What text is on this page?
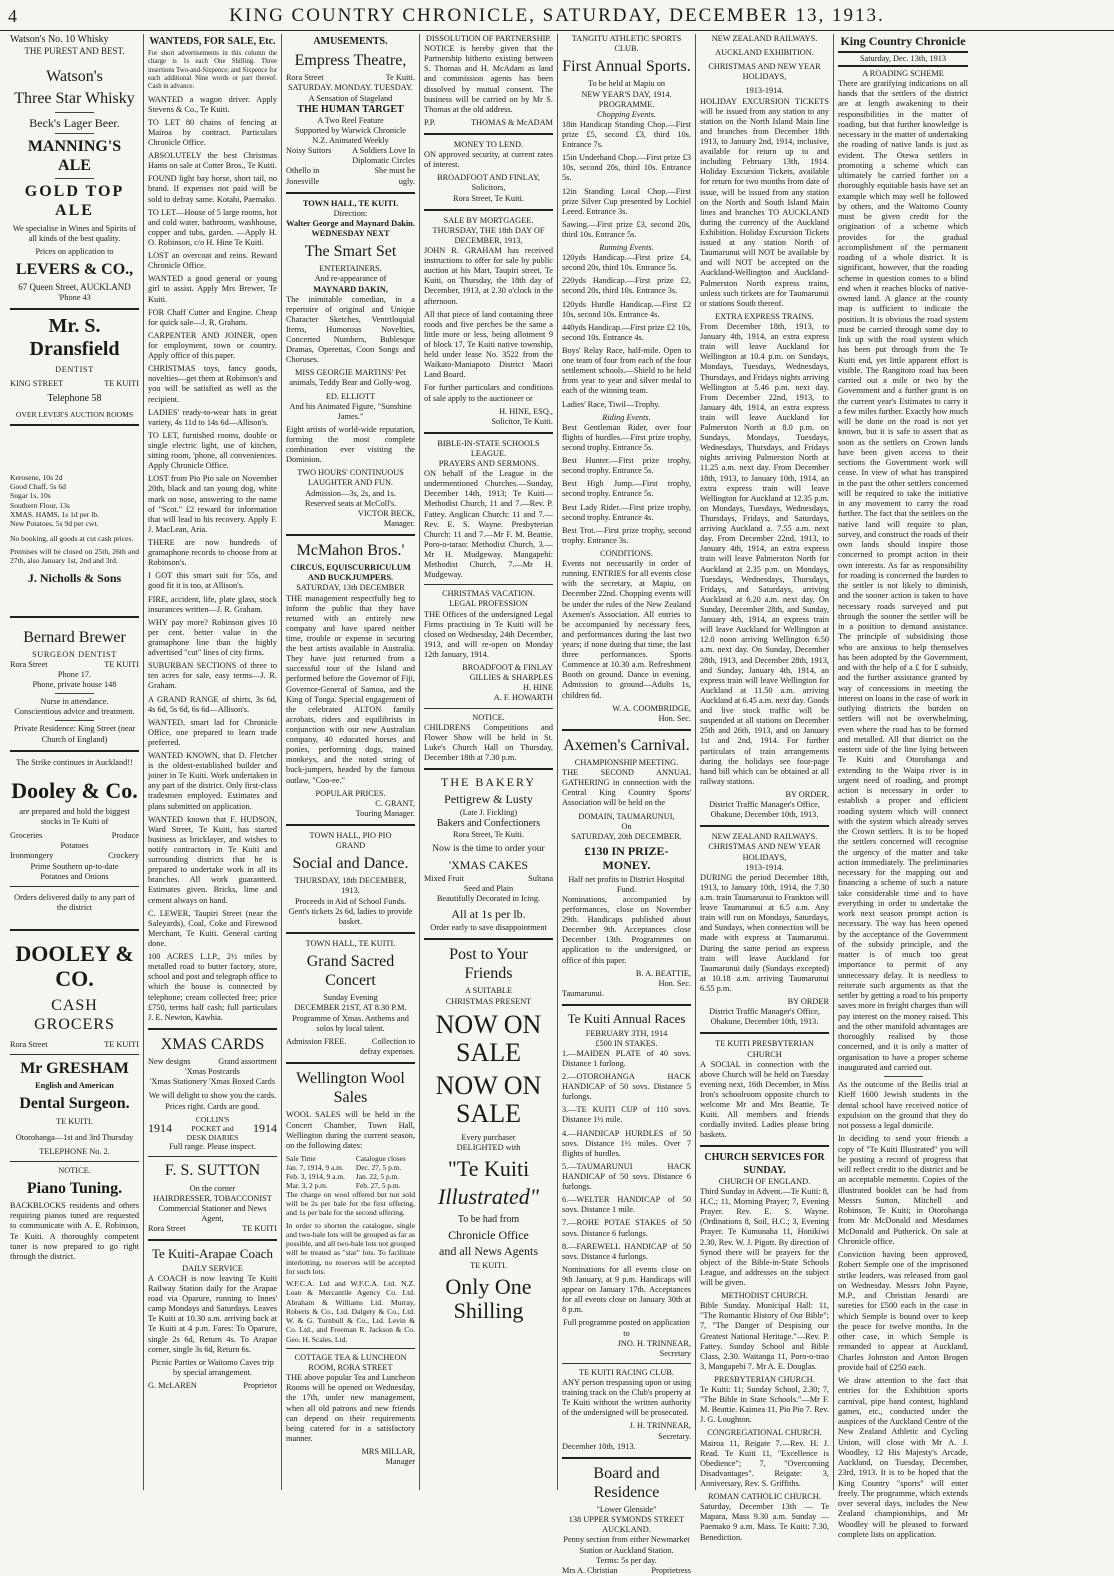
4	KING COUNTRY CHRONICLE, SATURDAY, DECEMBER 13, 1913.
Watson's No. 10 Whisky
THE PUREST AND BEST.
Watson's
Three Star Whisky
Beck's Lager Beer.
MANNING'S ALE
GOLD TOP ALE

We specialise in Wines and Spirits of all kinds of the best quality.

Prices on application to
LEVERS & CO.,
67 Queen Street, AUCKLAND
'Phone 43
Mr. S. Dransfield
DENTIST
KING STREET	TE KUITI
Telephone 58
OVER LEVER'S AUCTION ROOMS
Kerosene, 10s 2d
Good Chaff, 5s 6d
Sugar 1s, 10s
Southern Flour, 13s
XMAS. HAMS, 1s 1d per lb.
New Potatoes, 5s 9d per cwt.

No booking, all goods at cut cash prices.

Premises will be closed on 25th, 26th and 27th, also January 1st, 2nd and 3rd.

J. Nicholls & Sons
Bernard Brewer
SURGEON DENTIST
Rora Street	TE KUITI
Phone 17.
Phone, private house 148
Nurse in attendance.
Conscientious advice and treatment.
Private Residence: King Street (near Church of England)
The Strike continues in Auckland!!
Dooley & Co.
are prepared and hold the biggest stocks in Te Kuiti of
Groceries	Produce
Potatoes
Ironmongery	Crockery
Prime Southern up-to-date
Potatoes and Onions
Orders delivered daily to any part of the district
DOOLEY & CO.
CASH GROCERS
Rora Street	TE KUITI
Mr GRESHAM
English and American
Dental Surgeon.
TE KUITI.
Otorohanga—1st and 3rd Thursday
TELEPHONE No. 2.
NOTICE.
Piano Tuning.

BACKBLOCKS residents and others requiring pianos tuned are requested to communicate with A. E. Robinson, Te Kuiti. A thoroughly competent tuner is now prepared to go right through the district.

WANTEDS, FOR SALE, Etc.

For short advertisements in this column the charge is 1s each One Shilling. Three insertions Two-and-Sixpence; and Sixpence for each additional Nine words or part thereof. Cash in advance.

WANTED a wagon driver. Apply Stevens & Co., Te Kuiti.

TO LET 80 chains of fencing at Mairoa by contract. Particulars Chronicle Office.

ABSOLUTELY the best Christmas Hams on sale at Cotter Bros., Te Kuiti.

FOUND light bay horse, short tail, no brand. If expenses not paid will be sold to defray same. Kotahi, Paemako.

TO LET—House of 5 large rooms, hot and cold water, bathroom, washhouse, copper and tubs, garden. —Apply H. O. Robinson, c/o H. Hine Te Kuiti.

LOST an overcoat and reins. Reward Chronicle Office.

WANTED a good general or young girl to assist. Apply Mrs Brewer, Te Kuiti.

FOR Chaff Cutter and Engine. Cheap for quick sale—J. R. Graham.

CARPENTER AND JOINER, open for employment, town or country. Apply office of this paper.

CHRISTMAS toys, fancy goods, novelties—get them at Robinson's and you will be satisfied as well as the recipient.

LADIES' ready-to-wear hats in great variety, 4s 11d to 14s 6d—Allison's.

TO LET, furnished rooms, double or single electric light, use of kitchen, sitting room, 'phone, all conveniences. Apply Chronicle Office.

LOST from Pio Pio sale on November 20th, black and tan young dog, white mark on nose, answering to the name of "Scot." £2 reward for information that will lead to his recovery. Apply F. J. MacLean, Aria.

THERE are now hundreds of gramaphone records to choose from at Robinson's.

I GOT this smart suit for 55s, and good fit it is too, at Allison's.

FIRE, accident, life, plate glass, stock insurances written—J. R. Graham.

WHY pay more? Robinson gives 10 per cent. better value in the gramaphone line than the highly advertised "cut" lines of city firms.

SUBURBAN SECTIONS of three to ten acres for sale, easy terms—J. R. Graham.

A GRAND RANGE of shirts, 3s 6d, 4s 6d, 5s 6d, 6s 6d—Allison's.

WANTED, smart lad for Chronicle Office, one prepared to learn trade preferred.

WANTED KNOWN, that D. Fletcher is the oldest-established builder and joiner in Te Kuiti. Work undertaken in any part of the district. Only first-class tradesmen employed. Estimates and plans submitted on application.

WANTED known that F. HUDSON, Ward Street, Te Kuiti, has started business as bricklayer, and wishes to notify contractors in Te Kuiti and surrounding districts that he is prepared to undertake work in all its branches. All work guaranteed. Estimates given. Bricks, lime and cement always on hand.

C. LEWER, Taupiri Street (near the Saleyards), Coal, Coke and Firewood Merchant, Te Kuiti. General carting done.

100 ACRES L.I.P., 2½ miles by metalled road to butter factory, store, school and post and telegraph office to which the house is connected by telephone; cream collected free; price £750, terms half cash; full particulars J. E. Newton, Kawhia.

XMAS CARDS
New designs	Grand assortment
'Xmas Postcards
'Xmas Stationery 'Xmas Boxed Cards

We will delight to show you the cards. Prices right. Cards are good.

1914
COLLIN'S POCKET and DESK DIARIES
1914
Full range. Please inspect.
F. S. SUTTON
On the corner
HAIRDRESSER, TOBACCONIST
Commercial Stationer and News Agent,
Rora Street	TE KUITI
Te Kuiti-Arapae Coach
DAILY SERVICE

A COACH is now leaving Te Kuiti Railway Station daily for the Arapae road via Oparure, running to Innes' camp Mondays and Saturdays. Leaves Te Kuiti at 10.30 a.m. arriving back at Te Kuiti at 4 p.m. Fares: To Oparure, single 2s 6d, Return 4s. To Arapae corner, single 3s 6d, Return 6s.

Picnic Parties or Waitomo Caves trip by special arrangement.

G. McLAREN	Proprietor
AMUSEMENTS.
Empress Theatre,
Rora Street	Te Kuiti.
SATURDAY. MONDAY. TUESDAY.
A Sensation of Stageland
THE HUMAN TARGET
A Two Reel Feature
Supported by Warwick Chronicle
N.Z. Animated Weekly
Noisy Suitors	A Soldiers Love In Diplomatic Circles
Othello in Jonesville
She must be ugly.
TOWN HALL, TE KUITI.
Direction:
Walter George and Maynard Dakin.
WEDNESDAY NEXT
The Smart Set
ENTERTAINERS.
And re-appearance of
MAYNARD DAKIN,

The inimitable comedian, in a repertoire of original and Unique Character Sketches, Ventriloquial Items, Humorous Novelties, Concerted Numbers, Bublesque Dramas, Operettas, Coon Songs and Choruses.

MISS GEORGIE MARTINS' Pet animals, Teddy Bear and Golly-wog.

ED. ELLIOTT

And his Animated Figure, "Sunshine James."

Eight artists of world-wide reputation, forming the most complete combination ever visiting the Dominion.

TWO HOURS' CONTINUOUS LAUGHTER AND FUN.
Admission—3s, 2s, and 1s.
Reserved seats at McColl's.
VICTOR BECK,
Manager.
McMahon Bros.'
CIRCUS, EQUISCURRICULUM AND BUCKJUMPERS.
SATURDAY, 13th DECEMBER

THE management respectfully beg to inform the public that they have returned with an entirely new company and have spared neither time, trouble or expense in securing the best artists available in Australia. They have just returned from a successful tour of the Island and performed before the Governor of Fiji, Governor-General of Samoa, and the King of Tonga. Special engagement of the celebrated ALTON family acrobats, riders and equilibrists in conjunction with our new Australian company, 40 educated horses and ponies, performing dogs, trained monkeys, and the noted string of buck-jumpers, headed by the famous outlaw, "Coo-ee."

POPULAR PRICES.
C. GRANT,
Touring Manager.
TOWN HALL, PIO PIO
GRAND
Social and Dance.
THURSDAY, 18th DECEMBER, 1913.
Proceeds in Aid of School Funds.
Gent's tickets 2s 6d, ladies to provide basket.
TOWN HALL, TE KUITI.
Grand Sacred Concert
Sunday Evening
DECEMBER 21ST, AT 8.30 P.M.

Programme of Xmas. Anthems and solos by local talent.

Admission FREE.	Collection to defray expenses.
Wellington Wool Sales

WOOL SALES will be held in the Concert Chamber, Town Hall, Wellington during the current season, on the following dates:

Sale Time	Catalogue closes
Jan. 7, 1914, 9 a.m.	Dec. 27, 5 p.m.
Feb. 3, 1914, 9 a.m.	Jan. 22, 5 p.m.
Mar. 3, 2 p.m.	Feb. 27, 5 p.m.

The charge on wool offered but not sold will be 2s per bale for the first offering, and 1s per bale for the second offering.

In order to shorten the catalogue, single and two-bale lots will be grouped as far as possible, and all two-bale lots not grouped will be treated as "star" lots. To facilitate interlotting, no reserves will be accepted for such lots.

W.F.C.A. Ltd and W.F.C.A. Ltd. N.Z. Loan & Mercantile Agency Co. Ltd. Abraham & Williams Ltd. Murray, Roberts & Co., Ltd. Dalgety & Co., Ltd. W. & G. Turnbull & Co., Ltd. Levin & Co. Ltd., and Freeman R. Jackson & Co. Geo. H. Scales, Ltd.

COTTAGE TEA & LUNCHEON ROOM, RORA STREET

THE above popular Tea and Luncheon Rooms will be opened on Wednesday, the 17th, under new management, when all old patrons and new friends can depend on their requirements being catered for in a satisfactory manner.

MRS MILLAR,
Manager
DISSOLUTION OF PARTNERSHIP.

NOTICE is hereby given that the Partnership hitherto existing between S. Thomas and H. McAdam as land and commission agents has been dissolved by mutual consent. The business will be carried on by Mr S. Thomas at the old address.

P.P.	THOMAS & McADAM
MONEY TO LEND.

ON approved security, at current rates of interest.

BROADFOOT AND FINLAY,
Solicitors,
Rora Street, Te Kuiti.
SALE BY MORTGAGEE.
THURSDAY, THE 18th DAY OF DECEMBER, 1913,

JOHN R. GRAHAM has received instructions to offer for sale by public auction at his Mart, Taupiri street, Te Kuiti, on Thursday, the 18th day of December, 1913, at 2.30 o'clock in the afternoon.

All that piece of land containing three roods and five perches be the same a little more or less, being allotment 9 of block 17, Te Kuiti native township, held under lease No. 3522 from the Waikato-Maniapoto District Maori Land Board.

For further particulars and conditions of sale apply to the auctioneer or

H. HINE, ESQ.,
Solicitor, Te Kuiti.
BIBLE-IN-STATE SCHOOLS LEAGUE.
PRAYERS AND SERMONS.

ON behalf of the League in the undermentioned Churches.—Sunday, December 14th, 1913; Te Kuiti—Methodist Church, 11 and 7.—Rev. P. Fattey. Anglican Church: 11 and 7.—Rev. E. S. Wayne. Presbyterian Church: 11 and 7.—Mr F. M. Beattie. Poro-o-tarao: Methodist Church, 3.—Mr H. Mudgeway. Mangapehi: Methodist Church, 7.—Mr H. Mudgeway.

CHRISTMAS VACATION.
LEGAL PROFESSION

THE Offices of the undersigned Legal Firms practising in Te Kuiti will be closed on Wednesday, 24th December, 1913, and will re-open on Monday 12th January, 1914.

BROADFOOT & FINLAY
GILLIES & SHARPLES
H. HINE
A. F. HOWARTH
NOTICE.

CHILDRENS Competitions and Flower Show will be held in St. Luke's Church Hall on Thursday, December 18th at 7.30 p.m.

THE BAKERY
Pettigrew & Lusty
(Late J. Fickling)
Bakers and Confectioners
Rora Street, Te Kuiti.
Now is the time to order your
'XMAS CAKES
Mixed Fruit	Sultana
Seed and Plain
Beautifully Decorated in Icing.
All at 1s per lb.
Order early to save disappointment
Post to Your Friends
A SUITABLE
CHRISTMAS PRESENT
NOW ON SALE
NOW ON SALE
Every purchaser
DELIGHTED with
"Te Kuiti
Illustrated"
To be had from
Chronicle Office
and all News Agents
TE KUITI.
Only One Shilling
TANGITU ATHLETIC SPORTS CLUB.
First Annual Sports.
To be held at Mapiu on
NEW YEAR'S DAY, 1914.
PROGRAMME.
Chopping Events.

18in Handicap Standing Chop.—First prize £5, second £3, third 10s. Entrance 7s.

15in Underhand Chop.—First prize £3 10s, second 20s, third 10s. Entrance 5s.

12in Standing Local Chop.—First prize Silver Cup presented by Lochiel Leeed. Entrance 3s.

Sawing.—First prize £3, second 20s, third 10s. Entrance 5s.

Running Events.

120yds Handicap.—First prize £4, second 20s, third 10s. Entrance 5s.

220yds Handicap.—First prize £2, second 20s, third 10s. Entrance 3s.

120yds Hurdle Handicap.—First £2 10s, second 10s. Entrance 4s.

440yds Handicap.—First prize £2 10s, second 10s. Entrance 4s.

Boys' Relay Race, half-mile. Open to one team of four from each of the four settlement schools.—Shield to be held from year to year and silver medal to each of the winning team.

Ladies' Race, Tiwil—Trophy.

Riding Events.

Best Gentleman Rider, over four flights of hurdles.—First prize trophy, second trophy. Entrance 5s.

Best Hunter.—First prize trophy, second trophy. Entrance 5s.

Best High Jump.—First trophy, second trophy. Entrance 5s.

Best Lady Rider.—First prize trophy, second trophy. Entrance 4s.

Best Trot.—First prize trophy, second trophy. Entrance 3s.

CONDITIONS.

Events not necessarily in order of running. ENTRIES for all events close with the secretary, at Mapiu, on December 22nd. Chopping events will be under the rules of the New Zealand Axemen's Association. All entries to be accompanied by necessary fees, and performances during the last two years; if none during that time, the last three performances. Sports Commence at 10.30 a.m. Refreshment Booth on ground. Dance in evening. Admission to ground—Adults 1s, children 6d.

W. A. COOMBRIDGE,
Hon. Sec.
Axemen's Carnival.
CHAMPIONSHIP MEETING.

THE SECOND ANNUAL GATHERING in connection with the Central King Country Sports' Association will be held on the

DOMAIN, TAUMARUNUI,
On
SATURDAY, 20th DECEMBER.
£130 IN PRIZE-MONEY.
Half net profits to District Hospital Fund.

Nominations, accompanied by performances, close on November 29th. Handicaps published about December 9th. Acceptances close December 13th. Programmes on application to the undersigned, or office of this paper.

B. A. BEATTIE,
Hon. Sec.
Taumarunui.
Te Kuiti Annual Races
FEBRUARY 3TH, 1914
£500 IN STAKES.

1.—MAIDEN PLATE of 40 sovs. Distance 1 furlong.

2.—OTOROHANGA HACK HANDICAP of 50 sovs. Distance 5 furlongs.

3.—TE KUITI CUP of 110 sovs. Distance 1½ mile.

4.—HANDICAP HURDLES of 50 sovs. Distance 1½ miles. Over 7 flights of hurdles.

5.—TAUMARUNUI HACK HANDICAP of 50 sovs. Distance 6 furlongs.

6.—WELTER HANDICAP of 50 sovs. Distance 1 mile.

7.—ROHE POTAE STAKES of 50 sovs. Distance 6 furlongs.

8.—FAREWELL HANDICAP of 50 sovs. Distance 4 furlongs.

Nominations for all events close on 9th January, at 9 p.m. Handicaps will appear on January 17th. Acceptances for all events close on January 30th at 8 p.m.

Full programme posted on application to
JNO. H. TRINNEAR,
Secretary
TE KUITI RACING CLUB.

ANY person trespassing upon or using training track on the Club's property at Te Kuiti without the written authority of the undersigned will be prosecuted.

J. H. TRINNEAR,
Secretary.
December 10th, 1913.
Board and Residence
"Lower Glenside"
138 UPPER SYMONDS STREET AUCKLAND.
Penny section from either Newmarket Station or Auckland Station.
Terms: 5s per day.
Mrs A. Christian	Proprietress
NEW ZEALAND RAILWAYS.
AUCKLAND EXHIBITION.
CHRISTMAS AND NEW YEAR HOLIDAYS,
1913-1914.

HOLIDAY EXCURSION TICKETS will be issued from any station to any station on the North Island Main line and branches from December 18th 1913, to January 2nd, 1914, inclusive, available for return up to and including February 13th, 1914. Holiday Excursion Tickets, available for return for two months from date of issue, will be issued from any station on the North and South Island Main lines and branches TO AUCKLAND during the currency of the Auckland Exhibition. Holiday Excursion Tickets issued at any station North of Taumarunui will NOT be available by and will NOT be accepted on the Auckland-Wellington and Auckland-Palmerston North express trains, unless such tickets are for Taumarunui or stations South thereof.

EXTRA EXPRESS TRAINS.

From December 18th, 1913, to January 4th, 1914, an extra express train will leave Auckland for Wellington at 10.4 p.m. on Sundays, Mondays, Tuesdays, Wednesdays, Thursdays, and Fridays nights arriving Wellington at 5.46 p.m. next day. From December 22nd, 1913, to January 4th, 1914, an extra express train will leave Auckland for Palmerston North at 8.0 p.m. on Sundays, Mondays, Tuesdays, Wednesdays, Thursdays, and Fridays nights arriving Palmerston North at 11.25 a.m. next day. From December 18th, 1913, to January 10th, 1914, an extra express train will leave Wellington for Auckland at 12.35 p.m. on Mondays, Tuesdays, Wednesdays, Thursdays, Fridays, and Saturdays, arriving Auckland a. 7.55 a.m. next day. From December 22nd, 1913, to January 4th, 1914, an extra express train will leave Palmerston North for Auckland at 2.35 p.m. on Mondays, Tuesdays, Wednesdays, Thursdays, Fridays, and Saturdays, arriving Auckland at 6.20 a.m. next day. On Sunday, December 28th, and Sunday, January 4th, 1914, an express train will leave Auckland for Wellington at 12.0 noon arriving Wellington 6.50 a.m. next day. On Sunday, December 28th, 1913, and December 28th, 1913, and Sunday, January 4th, 1914, an express train will leave Wellington for Auckland at 11.50 a.m. arriving Auckland at 6.45 a.m. next day. Goods and live stock traffic will be suspended at all stations on December 25th and 26th, 1913, and on January 1st and 2nd, 1914. For further particulars of train arrangements during the holidays see four-page hand bill which can be obtained at all railway stations.

BY ORDER.
District Traffic Manager's Office, Ohakune, December 10th, 1913.
NEW ZEALAND RAILWAYS.
CHRISTMAS AND NEW YEAR HOLIDAYS,
1913-1914.

DURING the period December 18th, 1913, to January 10th, 1914, the 7.30 a.m. train Taumarunui to Frankton will leave Taumarunui at 6.5 a.m. Any train will run on Mondays, Saturdays, and Sundays, when connection will be made with express at Taumarunui. During the same period an express train will leave Auckland for Taumarunui daily (Sundays excepted) at 10.18 a.m. arriving Taumarunui 6.55 p.m.

BY ORDER
District Traffic Manager's Office, Ohakune, December 10th, 1913.
TE KUITI PRESBYTERIAN CHURCH

A SOCIAL in connection with the above Church will be held on Tuesday evening next, 16th December, in Miss Iron's schoolroom opposite church to welcome Mr and Mrs Beattie, Te Kuiti. All members and friends cordially invited. Ladies please bring baskets.

CHURCH SERVICES FOR SUNDAY.
CHURCH OF ENGLAND.

Third Sunday in Advent.—Te Kuiti: 8, H.C.; 11, Morning Prayer; 7, Evening Prayer. Rev. E. S. Wayne. (Ordinations 8, Soil, H.C.; 3, Evening Prayer. Te Kumunaha 11, Honikiwi 2.30, Rev. W. J. Pigott. By direction of Synod there will be prayers for the object of the Bible-in-State Schools League, and addresses on the subject will be given.

METHODIST CHURCH.

Bible Sunday. Municipal Hall: 11, "The Romantic History of Our Bible"; 7, "The Danger of Despising our Greatest National Heritage."—Rev. P. Fattey. Sunday School and Bible Class, 2.30. Waitanga 11, Poro-o-trao 3, Mangapehi 7. Mr A. E. Douglas.

PRESBYTERIAN CHURCH.

Te Kuiti: 11; Sunday School, 2.30; 7, "The Bible in State Schools."—Mr F. M. Beattie. Kaimea 11, Pio Pio 7. Rev. J. G. Loughton.

CONGREGATIONAL CHURCH.

Mairoa 11, Reigate 7.—Rev. H. J. Read. Te Kuiti 11, "Excellence is Obedience"; 7, "Overcoming Disadvantages". Reigate: 3, Anniversary, Rev. S. Griffiths.

ROMAN CATHOLIC CHURCH.

Saturday, December 13th — Te Mapara, Mass 9.30 a.m. Sunday — Paemako 9 a.m. Mass. Te Kuiti: 7.30, Benediction.

King Country Chronicle
Saturday, Dec. 13th, 1913
A ROADING SCHEME

There are gratifying indications on all hands that the settlers of the district are at length awakening to their responsibilities in the matter of roading, but that further knowledge is necessary in the matter of undertaking the roading of native lands is just as evident. The Otewa settlers in promoting a scheme which can ultimately be carried further on a thoroughly equitable basis have set an example which may well be followed by others, and the Waitomo County must be given credit for the origination of a scheme which provides for the gradual accomplishment of the permanent roading of a whole district. It is significant, however, that the roading scheme in question comes to a blind end when it reaches blocks of native-owned land. A glance at the county map is sufficient to indicate the position. It is obvious the road system must be carried through some day to link up with the road system which has been put through from the Te Kuiti end, yet little apparent effort is visible. The Rangitoto road has been carried out a mile or two by the Government and a further grant is on the current year's Estimates to carry it a few miles further. Exactly how much will be done on the road is not yet known, but it is safe to assert that as soon as the settlers on Crown lands have been given access to their sections the Government work will cease. In view of what has transpired in the past the other settlers concerned will be required to take the initiative in any movement to carry the road further. The fact that the settlers on the native land will require to plan, survey, and construct the roads of their own lands should inspire those concerned to prompt action in their own interests. As far as responsibility for roading is concerned the burden to the settler is not likely to diminish, and the sooner action is taken to have necessary roads surveyed and put through the sooner the settler will be in a position to demand assistance. The principle of subsidising those who are anxious to help themselves has been adopted by the Government, and with the help of a £ for £ subsidy, and the further assistance granted by way of concessions in meeting the interest on loans in the case of work in outlying districts the burden on settlers will not be overwhelming, even where the road has to be formed and metalled. All that district on the eastern side of the line lying between Te Kuiti and Otorohanga and extending to the Waipa river is in urgent need of roading, and prompt action is necessary in order to establish a proper and efficient roading system which will connect with the system which already serves the Crown settlers. It is to be hoped the settlers concerned will recognise the urgency of the matter and take action immediately. The preliminaries necessary for the mapping out and financing a scheme of such a nature take considerable time and to have everything in order to undertake the work next season prompt action is necessary. The way has been opened by the acceptance of the Government of the subsidy principle, and the matter is of much too great importance to permit of any unnecessary delay. It is needless to reiterate such arguments as that the settler by getting a road to his property saves more in freight charges than will pay interest on the money raised. This and the other manifold advantages are thoroughly realised by those concerned, and it is only a matter of organisation to have a proper scheme inaugurated and carried out.

As the outcome of the Beilis trial at Kieff 1600 Jewish students in the dental school have received notice of expulsion on the ground that they do not possess a legal domicile.

In deciding to send your friends a copy of "Te Kuiti Illustrated" you will be posting a record of progress that will reflect credit to the district and be an acceptable memento. Copies of the illustrated booklet can be had from Messrs Sutton, Mitchell and Robinson, Te Kuiti; in Otorohanga from Mr McDonald and Mesdames McDonald and Putherick. On sale at Chronicle office.

Conviction having been approved, Robert Semple one of the imprisoned strike leaders, was released from gaol on Wednesday. Messrs John Payne, M.P., and Christian Jenardi are sureties for £500 each in the case in which Semple is bound over to keep the peace for twelve months. In the other case, in which Semple is remanded to appear at Auckland, Charles Johnston and Anton Brogen provide bail of £250 each.

We draw attention to the fact that entries for the Exhibition sports carnival, pipe band contest, highland games, etc., conducted under the auspices of the Auckland Centre of the New Zealand Athletic and Cycling Union, will close with Mr A. J. Woodley, 12 His Majesty's Arcade, Auckland, on Tuesday, December, 23rd, 1913. It is to be hoped that the King Country "sports" will enter freely. The programme, which extends over several days, includes the New Zealand championships, and Mr Woodley will be pleased to forward complete lists on application.
